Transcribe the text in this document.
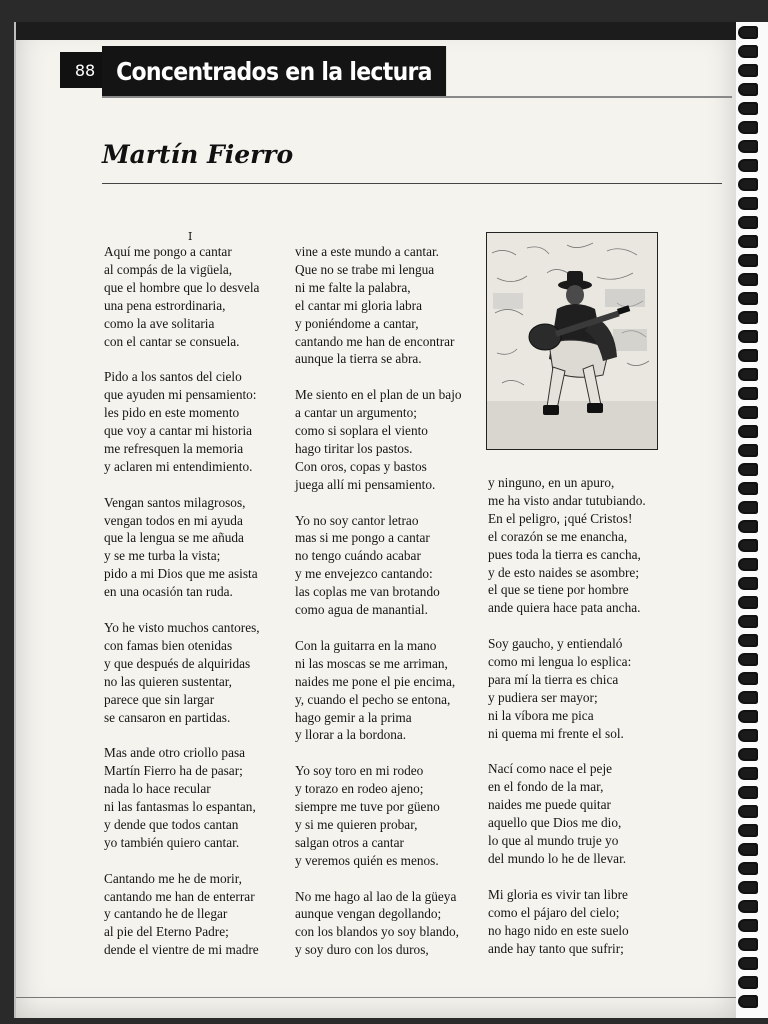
88 Concentrados en la lectura
Martín Fierro
I
Aquí me pongo a cantar
al compás de la vigüela,
que el hombre que lo desvela
una pena estrordinaria,
como la ave solitaria
con el cantar se consuela.
Pido a los santos del cielo
que ayuden mi pensamiento:
les pido en este momento
que voy a cantar mi historia
me refresquen la memoria
y aclaren mi entendimiento.
Vengan santos milagrosos,
vengan todos en mi ayuda
que la lengua se me añuda
y se me turba la vista;
pido a mi Dios que me asista
en una ocasión tan ruda.
Yo he visto muchos cantores,
con famas bien otenidas
y que después de alquiridas
no las quieren sustentar,
parece que sin largar
se cansaron en partidas.
Mas ande otro criollo pasa
Martín Fierro ha de pasar;
nada lo hace recular
ni las fantasmas lo espantan,
y dende que todos cantan
yo también quiero cantar.
Cantando me he de morir,
cantando me han de enterrar
y cantando he de llegar
al pie del Eterno Padre;
dende el vientre de mi madre
vine a este mundo a cantar.
Que no se trabe mi lengua
ni me falte la palabra,
el cantar mi gloria labra
y poniéndome a cantar,
cantando me han de encontrar
aunque la tierra se abra.
Me siento en el plan de un bajo
a cantar un argumento;
como si soplara el viento
hago tiritar los pastos.
Con oros, copas y bastos
juega allí mi pensamiento.
Yo no soy cantor letrao
mas si me pongo a cantar
no tengo cuándo acabar
y me envejezco cantando:
las coplas me van brotando
como agua de manantial.
Con la guitarra en la mano
ni las moscas se me arriman,
naides me pone el pie encima,
y, cuando el pecho se entona,
hago gemir a la prima
y llorar a la bordona.
Yo soy toro en mi rodeo
y torazo en rodeo ajeno;
siempre me tuve por güeno
y si me quieren probar,
salgan otros a cantar
y veremos quién es menos.
No me hago al lao de la güeya
aunque vengan degollando;
con los blandos yo soy blando,
y soy duro con los duros,
y ninguno, en un apuro,
me ha visto andar tutubiando.
En el peligro, ¡qué Cristos!
el corazón se me enancha,
pues toda la tierra es cancha,
y de esto naides se asombre;
el que se tiene por hombre
ande quiera hace pata ancha.
Soy gaucho, y entiendaló
como mi lengua lo esplica:
para mí la tierra es chica
y pudiera ser mayor;
ni la víbora me pica
ni quema mi frente el sol.
Nací como nace el peje
en el fondo de la mar,
naides me puede quitar
aquello que Dios me dio,
lo que al mundo truje yo
del mundo lo he de llevar.
Mi gloria es vivir tan libre
como el pájaro del cielo;
no hago nido en este suelo
ande hay tanto que sufrir;
